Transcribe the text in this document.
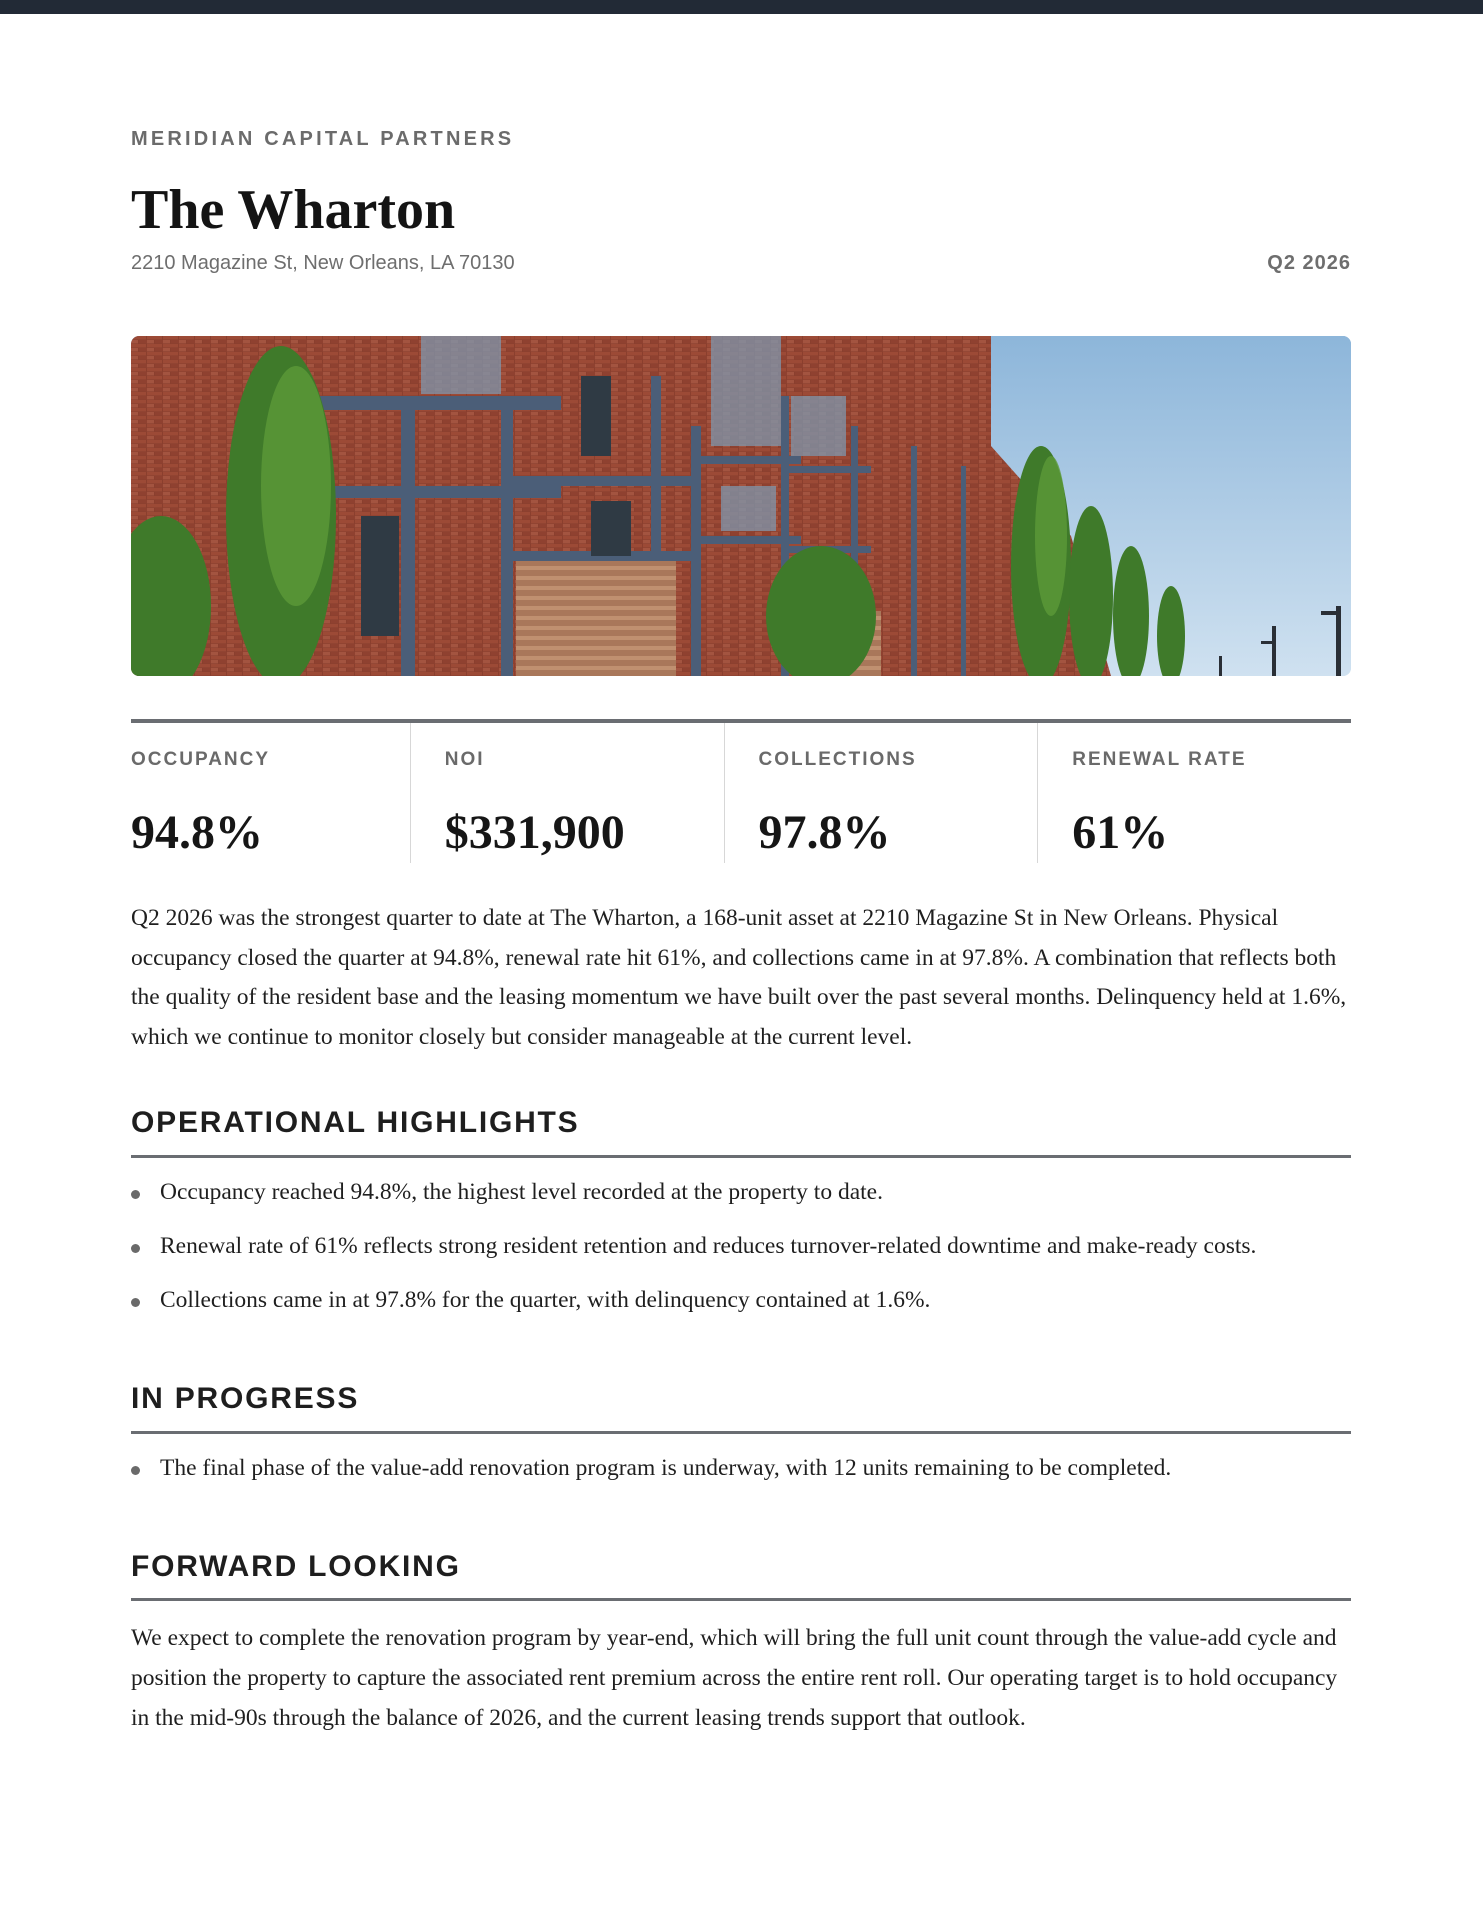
MERIDIAN CAPITAL PARTNERS
The Wharton
2210 Magazine St, New Orleans, LA 70130	Q2 2026
OCCUPANCY
94.8%
NOI
$331,900
COLLECTIONS
97.8%
RENEWAL RATE
61%

Q2 2026 was the strongest quarter to date at The Wharton, a 168-unit asset at 2210 Magazine St in New Orleans. Physical occupancy closed the quarter at 94.8%, renewal rate hit 61%, and collections came in at 97.8%. A combination that reflects both the quality of the resident base and the leasing momentum we have built over the past several months. Delinquency held at 1.6%, which we continue to monitor closely but consider manageable at the current level.

OPERATIONAL HIGHLIGHTS
Occupancy reached 94.8%, the highest level recorded at the property to date.
Renewal rate of 61% reflects strong resident retention and reduces turnover-related downtime and make-ready costs.
Collections came in at 97.8% for the quarter, with delinquency contained at 1.6%.
IN PROGRESS
The final phase of the value-add renovation program is underway, with 12 units remaining to be completed.
FORWARD LOOKING

We expect to complete the renovation program by year-end, which will bring the full unit count through the value-add cycle and position the property to capture the associated rent premium across the entire rent roll. Our operating target is to hold occupancy in the mid-90s through the balance of 2026, and the current leasing trends support that outlook.
